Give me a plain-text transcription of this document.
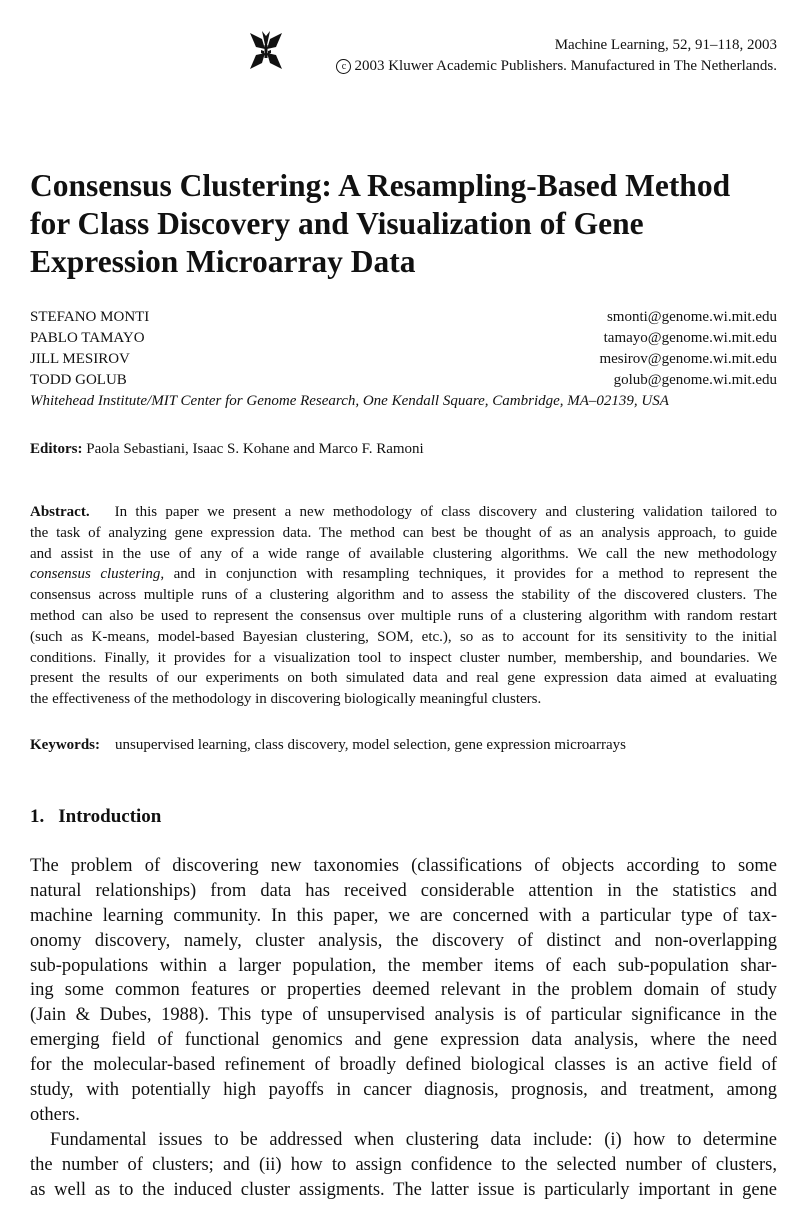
Machine Learning, 52, 91–118, 2003
c 2003 Kluwer Academic Publishers. Manufactured in The Netherlands.
Consensus Clustering: A Resampling-Based Method
for Class Discovery and Visualization of Gene
Expression Microarray Data
STEFANO MONTI	smonti@genome.wi.mit.edu
PABLO TAMAYO	tamayo@genome.wi.mit.edu
JILL MESIROV	mesirov@genome.wi.mit.edu
TODD GOLUB	golub@genome.wi.mit.edu
Whitehead Institute/MIT Center for Genome Research, One Kendall Square, Cambridge, MA–02139, USA
Editors: Paola Sebastiani, Isaac S. Kohane and Marco F. Ramoni
Abstract. In this paper we present a new methodology of class discovery and clustering validation tailored to
the task of analyzing gene expression data. The method can best be thought of as an analysis approach, to guide
and assist in the use of any of a wide range of available clustering algorithms. We call the new methodology
consensus clustering, and in conjunction with resampling techniques, it provides for a method to represent the
consensus across multiple runs of a clustering algorithm and to assess the stability of the discovered clusters. The
method can also be used to represent the consensus over multiple runs of a clustering algorithm with random restart
(such as K-means, model-based Bayesian clustering, SOM, etc.), so as to account for its sensitivity to the initial
conditions. Finally, it provides for a visualization tool to inspect cluster number, membership, and boundaries. We
present the results of our experiments on both simulated data and real gene expression data aimed at evaluating
the effectiveness of the methodology in discovering biologically meaningful clusters.
Keywords: unsupervised learning, class discovery, model selection, gene expression microarrays
1. Introduction
The problem of discovering new taxonomies (classifications of objects according to some
natural relationships) from data has received considerable attention in the statistics and
machine learning community. In this paper, we are concerned with a particular type of tax-
onomy discovery, namely, cluster analysis, the discovery of distinct and non-overlapping
sub-populations within a larger population, the member items of each sub-population shar-
ing some common features or properties deemed relevant in the problem domain of study
(Jain & Dubes, 1988). This type of unsupervised analysis is of particular significance in the
emerging field of functional genomics and gene expression data analysis, where the need
for the molecular-based refinement of broadly defined biological classes is an active field of
study, with potentially high payoffs in cancer diagnosis, prognosis, and treatment, among
others.
Fundamental issues to be addressed when clustering data include: (i) how to determine
the number of clusters; and (ii) how to assign confidence to the selected number of clusters,
as well as to the induced cluster assigments. The latter issue is particularly important in gene
